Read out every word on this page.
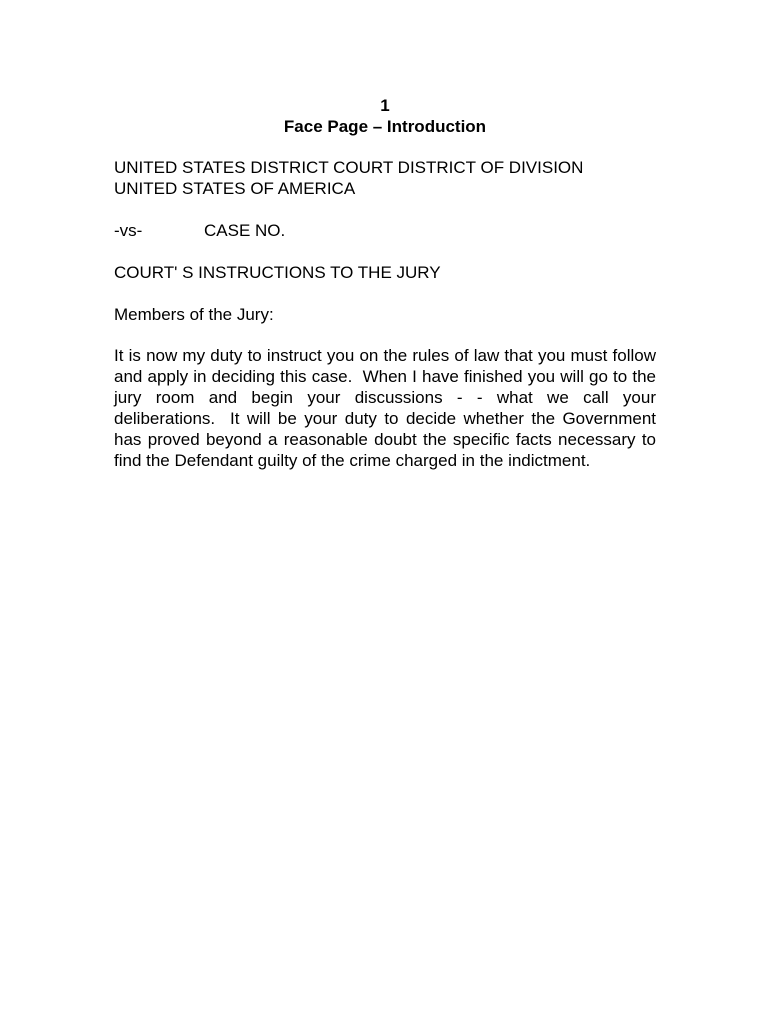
1
Face Page – Introduction
UNITED STATES DISTRICT COURT DISTRICT OF DIVISION
UNITED STATES OF AMERICA
-vs-	CASE NO.
COURT' S INSTRUCTIONS TO THE JURY
Members of the Jury:
It is now my duty to instruct you on the rules of law that you must follow and apply in deciding this case.  When I have finished you will go to the jury room and begin your discussions - - what we call your deliberations.  It will be your duty to decide whether the Government has proved beyond a reasonable doubt the specific facts necessary to find the Defendant guilty of the crime charged in the indictment.
